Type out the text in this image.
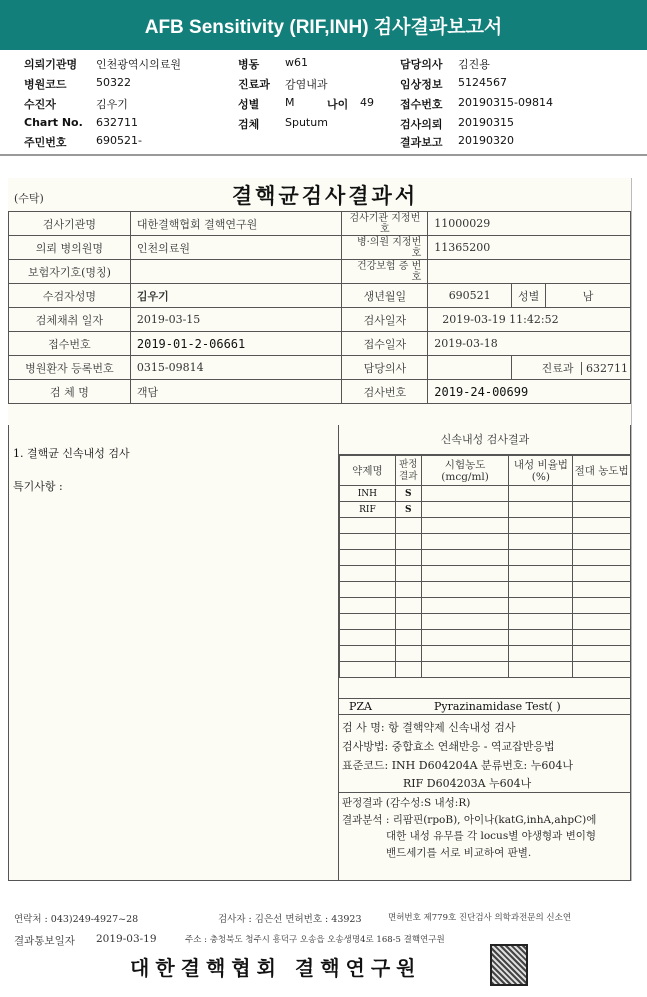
AFB Sensitivity (RIF,INH) 검사결과보고서
의뢰기관명 인천광역시의료원
병원코드	50322
수진자	김우기
Chart No. 632711
주민번호	690521-
병동 w61
진료과 감염내과
성별 M	나이 49
검체 Sputum
담당의사 김진용
임상정보 5124567
접수번호 20190315-09814
검사의뢰 20190315
결과보고 20190320
(수탁)	결핵균검사결과서
검사기관명	대한결핵협회 결핵연구원	검사기관 지정번호	11000029		
의뢰 병의원명	인천의료원	병·의원 지정번호	11365200		
보험자기호(명칭)		건강보험 증 번 호			
수검자성명	김우기	생년월일	690521	성별	남
검체채취 일자	2019-03-15	검사일자	2019-03-19 11:42:52		
접수번호	2019-01-2-06661	접수일자	2019-03-18		
병원환자 등록번호	0315-09814	담당의사		진료과 632711	
검 체 명	객담	검사번호	2019-24-00699		
1. 결핵균 신속내성 검사
특기사항 :
신속내성 검사결과
약제명	판정 결과	시험농도 (mcg/ml)	내성 비율법(%)	절대 농도법
INH	S			
RIF	S			

PZA	Pyrazinamidase Test( )
검 사 명: 항 결핵약제 신속내성 검사
검사방법: 중합효소 연쇄반응 - 역교잡반응법
표준코드: INH D604204A 분류번호: 누604나
RIF D604203A 누604나
판정결과 (감수성:S 내성:R)
결과분석 : 리팜핀(rpoB), 아이나(katG,inhA,ahpC)에
대한 내성 유무를 각 locus별 야생형과 변이형
밴드세기를 서로 비교하여 판별.
연락처 : 043)249-4927~28	검사자 : 김은선 면허번호 : 43923	면허번호 제779호 진단검사 의학과전문의 신소연
결과통보일자 2019-03-19	주소 : 충청북도 청주시 흥덕구 오송읍 오송생명4로 168-5 결핵연구원
대한결핵협회 결핵연구원
